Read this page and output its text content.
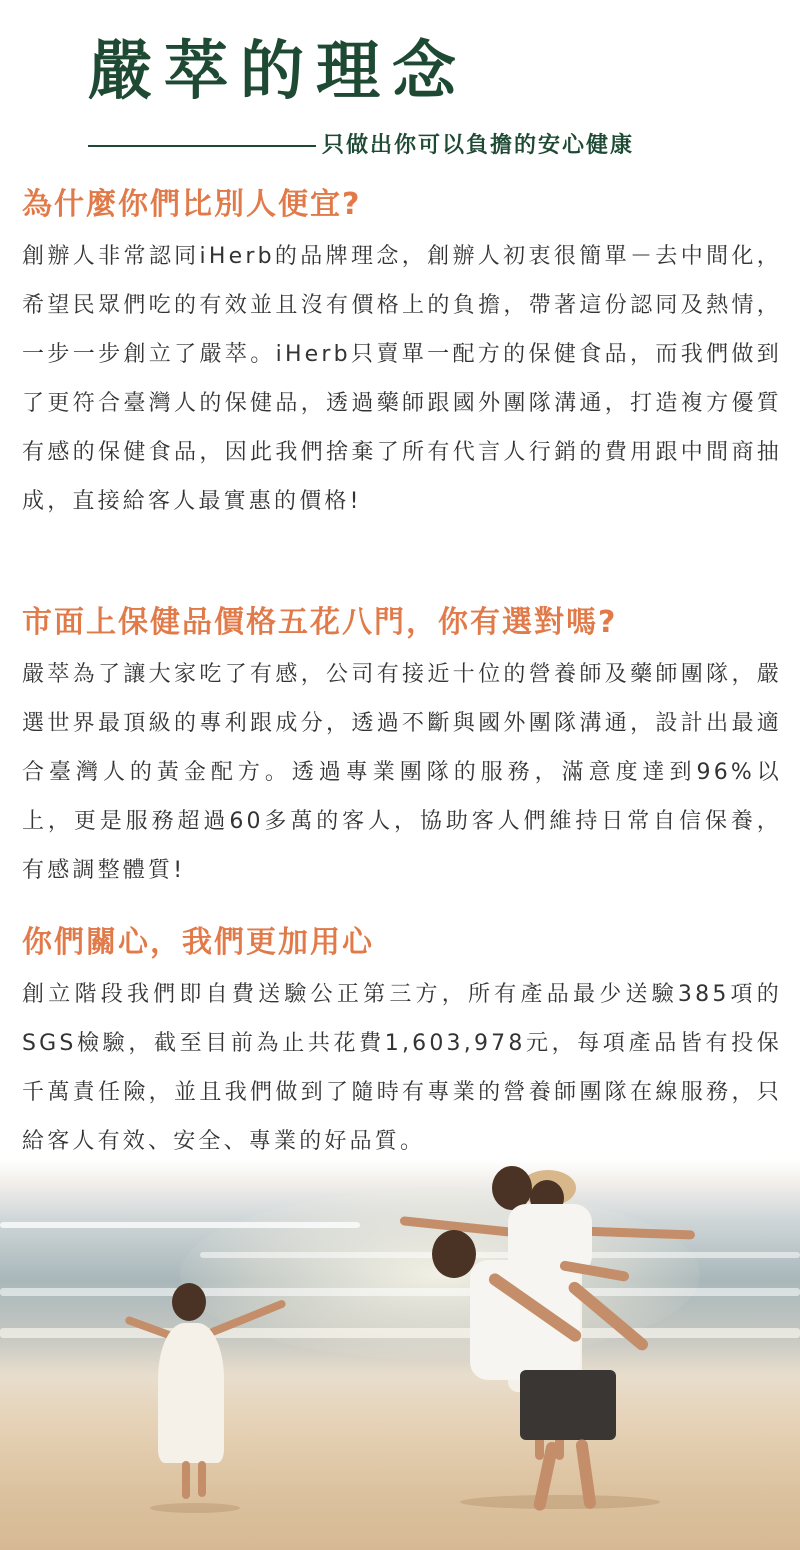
嚴萃的理念
只做出你可以負擔的安心健康
為什麼你們比別人便宜?

創辦人非常認同iHerb的品牌理念，創辦人初衷很簡單－去中間化，希望民眾們吃的有效並且沒有價格上的負擔，帶著這份認同及熱情，一步一步創立了嚴萃。iHerb只賣單一配方的保健食品，而我們做到了更符合臺灣人的保健品，透過藥師跟國外團隊溝通，打造複方優質有感的保健食品，因此我們捨棄了所有代言人行銷的費用跟中間商抽成，直接給客人最實惠的價格!

市面上保健品價格五花八門，你有選對嗎?

嚴萃為了讓大家吃了有感，公司有接近十位的營養師及藥師團隊，嚴選世界最頂級的專利跟成分，透過不斷與國外團隊溝通，設計出最適合臺灣人的黃金配方。透過專業團隊的服務，滿意度達到96%以上，更是服務超過60多萬的客人，協助客人們維持日常自信保養，有感調整體質!

你們關心，我們更加用心

創立階段我們即自費送驗公正第三方，所有產品最少送驗385項的SGS檢驗，截至目前為止共花費1,603,978元，每項產品皆有投保千萬責任險，並且我們做到了隨時有專業的營養師團隊在線服務，只給客人有效、安全、專業的好品質。
